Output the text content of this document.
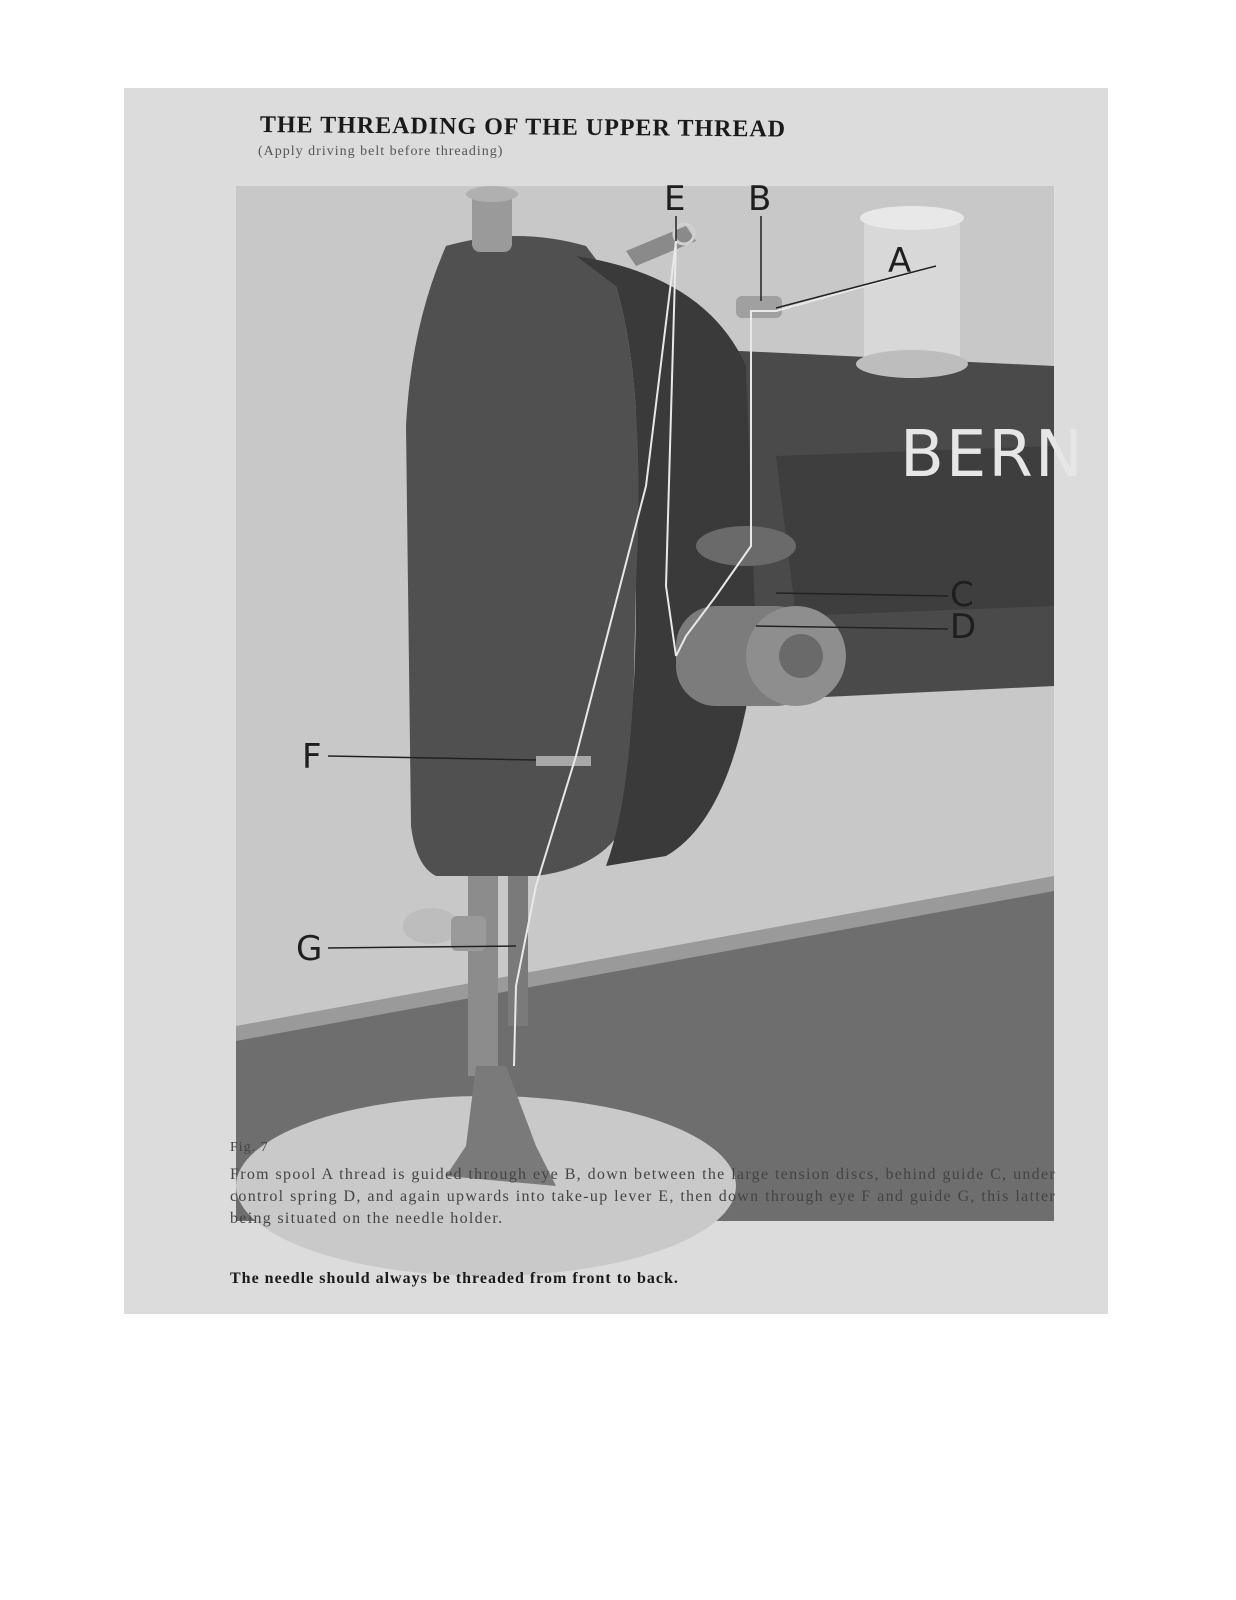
THE THREADING OF THE UPPER THREAD
(Apply driving belt before threading)
BERN
E B
A
C
D
F
G
Fig. 7

From spool A thread is guided through eye B, down between the large tension discs, behind guide C, under control spring D, and again upwards into take-up lever E, then down through eye F and guide G, this latter being situated on the needle holder.

The needle should always be threaded from front to back.
